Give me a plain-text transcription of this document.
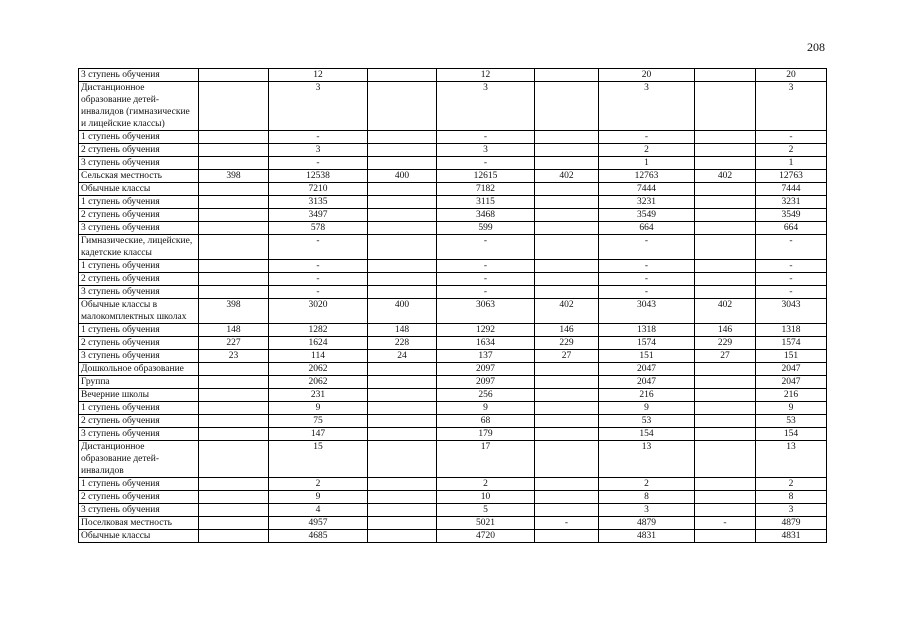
208
3 ступень обучения		12		12		20		20
Дистанционное образование детей-инвалидов (гимназические и лицейские классы)		3		3		3		3
1 ступень обучения		-		-		-		-
2 ступень обучения		3		3		2		2
3 ступень обучения		-		-		1		1
Сельская местность	398	12538	400	12615	402	12763	402	12763
Обычные классы		7210		7182		7444		7444
1 ступень обучения		3135		3115		3231		3231
2 ступень обучения		3497		3468		3549		3549
3 ступень обучения		578		599		664		664
Гимназические, лицейские, кадетские классы		-		-		-		-
1 ступень обучения		-		-		-		-
2 ступень обучения		-		-		-		-
3 ступень обучения		-		-		-		-
Обычные классы в малокомплектных школах	398	3020	400	3063	402	3043	402	3043
1 ступень обучения	148	1282	148	1292	146	1318	146	1318
2 ступень обучения	227	1624	228	1634	229	1574	229	1574
3 ступень обучения	23	114	24	137	27	151	27	151
Дошкольное образование		2062		2097		2047		2047
Группа		2062		2097		2047		2047
Вечерние школы		231		256		216		216
1 ступень обучения		9		9		9		9
2 ступень обучения		75		68		53		53
3 ступень обучения		147		179		154		154
Дистанционное образование детей-инвалидов		15		17		13		13
1 ступень обучения		2		2		2		2
2 ступень обучения		9		10		8		8
3 ступень обучения		4		5		3		3
Поселковая местность		4957		5021	-	4879	-	4879
Обычные классы		4685		4720		4831		4831
